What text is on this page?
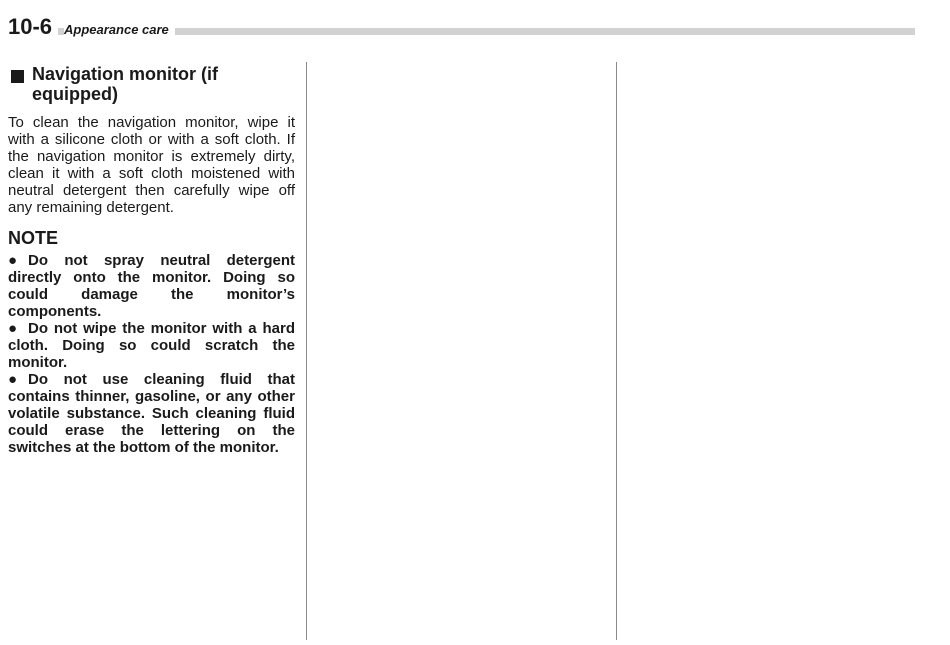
10-6 Appearance care
Navigation monitor (if equipped)

To clean the navigation monitor, wipe it with a silicone cloth or with a soft cloth. If the navigation monitor is extremely dirty, clean it with a soft cloth moistened with neutral detergent then carefully wipe off any remaining detergent.

NOTE

● Do not spray neutral detergent directly onto the monitor. Doing so could damage the monitor’s components.

● Do not wipe the monitor with a hard cloth. Doing so could scratch the monitor.

● Do not use cleaning fluid that contains thinner, gasoline, or any other volatile substance. Such cleaning fluid could erase the lettering on the switches at the bottom of the monitor.
